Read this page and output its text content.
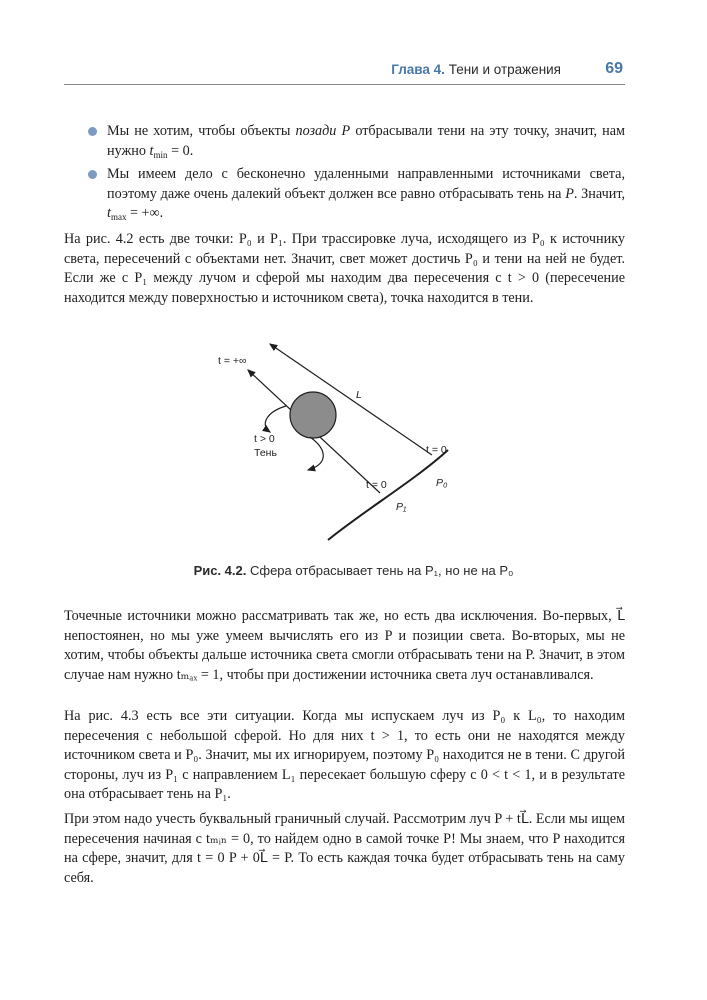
Глава 4. Тени и отражения	69
Мы не хотим, чтобы объекты позади P отбрасывали тени на эту точку, значит, нам нужно $t_{min} = 0$.
Мы имеем дело с бесконечно удаленными направленными источниками света, поэтому даже очень далекий объект должен все равно отбрасывать тень на P. Значит, $t_{max}$ = +∞.

На рис. 4.2 есть две точки: P₀ и P₁. При трассировке луча, исходящего из P₀ к источнику света, пересечений с объектами нет. Значит, свет может достичь P₀ и тени на ней не будет. Если же с P₁ между лучом и сферой мы находим два пересечения с t > 0 (пересечение находится между поверхностью и источником света), точка находится в тени.

t = +∞
L
t > 0
Тень	t = 0
t = 0	P₀
P₁
Рис. 4.2. Сфера отбрасывает тень на P₁, но не на P₀

Точечные источники можно рассматривать так же, но есть два исключения. Во-первых, L⃗ непостоянен, но мы уже умеем вычислять его из P и позиции света. Во-вторых, мы не хотим, чтобы объекты дальше источника света смогли отбрасывать тени на P. Значит, в этом случае нам нужно tₘₐₓ = 1, чтобы при достижении источника света луч останавливался.

На рис. 4.3 есть все эти ситуации. Когда мы испускаем луч из P₀ к L₀, то находим пересечения с небольшой сферой. Но для них t > 1, то есть они не находятся между источником света и P₀. Значит, мы их игнорируем, поэтому P₀ находится не в тени. С другой стороны, луч из P₁ с направлением L₁ пересекает большую сферу с 0 < t < 1, и в результате она отбрасывает тень на P₁.

При этом надо учесть буквальный граничный случай. Рассмотрим луч P + tL⃗. Если мы ищем пересечения начиная с tₘᵢₙ = 0, то найдем одно в самой точке P! Мы знаем, что P находится на сфере, значит, для t = 0 P + 0L⃗ = P. То есть каждая точка будет отбрасывать тень на саму себя.
